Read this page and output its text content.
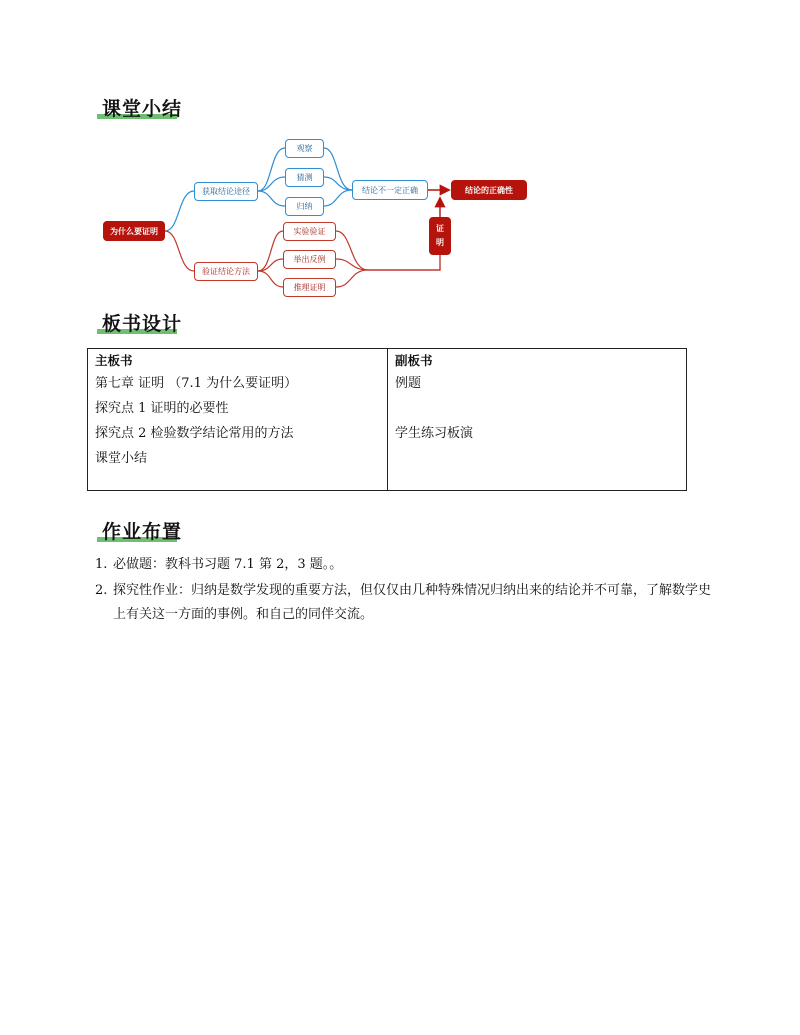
课堂小结
为什么要证明
获取结论途径
验证结论方法
观察
猜测
归纳
实验验证
举出反例
推理证明
结论不一定正确	结论的正确性
证
明
板书设计
主板书
第七章 证明 （7.1 为什么要证明）
探究点 1 证明的必要性
探究点 2 检验数学结论常用的方法
课堂小结
副板书
例题

学生练习板演
作业布置
1. 必做题：教科书习题 7.1 第 2，3 题。。
2. 探究性作业：归纳是数学发现的重要方法，但仅仅由几种特殊情况归纳出来的结论并不可靠，了解数学史上有关这一方面的事例。和自己的同伴交流。
